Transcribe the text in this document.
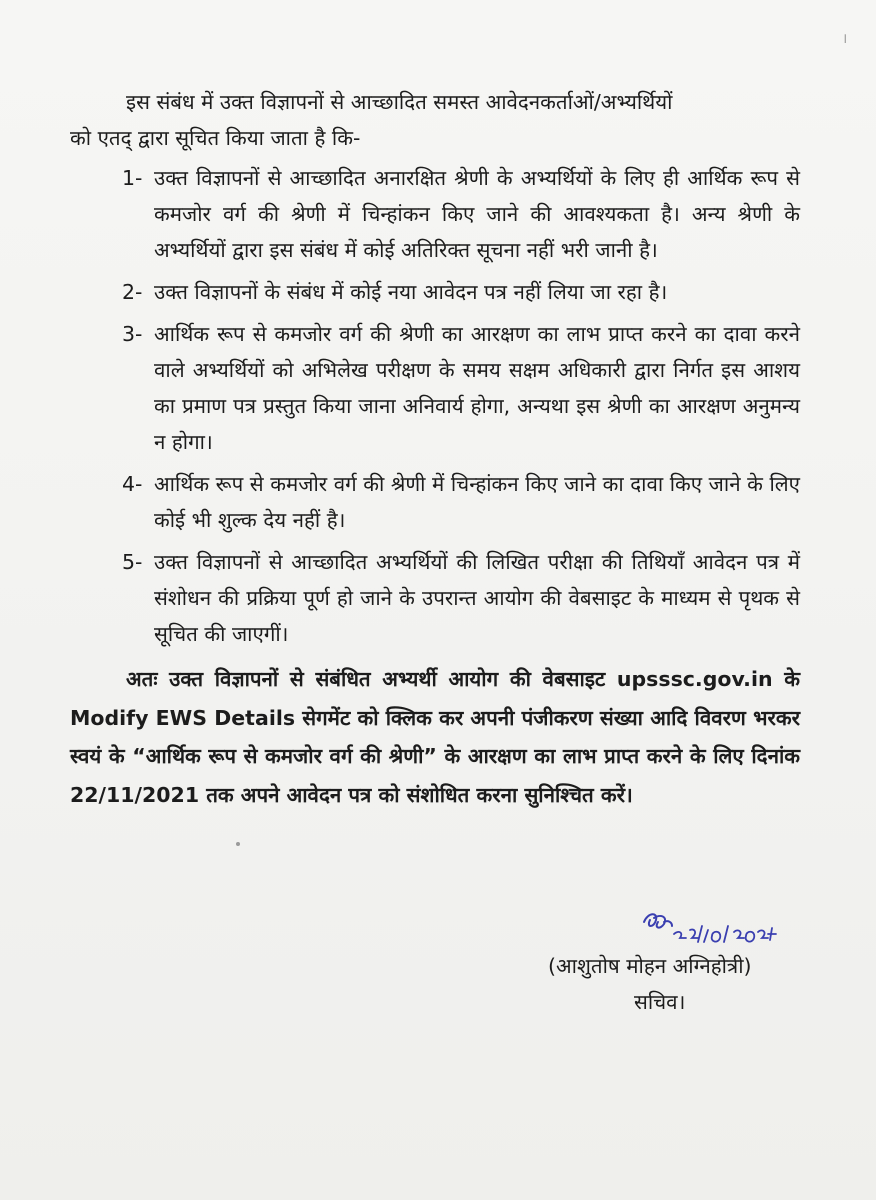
।
इस संबंध में उक्त विज्ञापनों से आच्छादित समस्त आवेदनकर्ताओं/अभ्यर्थियों
को एतद् द्वारा सूचित किया जाता है कि-
1- उक्त विज्ञापनों से आच्छादित अनारक्षित श्रेणी के अभ्यर्थियों के लिए ही आर्थिक रूप से कमजोर वर्ग की श्रेणी में चिन्हांकन किए जाने की आवश्यकता है। अन्य श्रेणी के अभ्यर्थियों द्वारा इस संबंध में कोई अतिरिक्त सूचना नहीं भरी जानी है।
2- उक्त विज्ञापनों के संबंध में कोई नया आवेदन पत्र नहीं लिया जा रहा है।
3- आर्थिक रूप से कमजोर वर्ग की श्रेणी का आरक्षण का लाभ प्राप्त करने का दावा करने वाले अभ्यर्थियों को अभिलेख परीक्षण के समय सक्षम अधिकारी द्वारा निर्गत इस आशय का प्रमाण पत्र प्रस्तुत किया जाना अनिवार्य होगा, अन्यथा इस श्रेणी का आरक्षण अनुमन्य न होगा।
4- आर्थिक रूप से कमजोर वर्ग की श्रेणी में चिन्हांकन किए जाने का दावा किए जाने के लिए कोई भी शुल्क देय नहीं है।
5- उक्त विज्ञापनों से आच्छादित अभ्यर्थियों की लिखित परीक्षा की तिथियाँ आवेदन पत्र में संशोधन की प्रक्रिया पूर्ण हो जाने के उपरान्त आयोग की वेबसाइट के माध्यम से पृथक से सूचित की जाएगीं।
अतः उक्त विज्ञापनों से संबंधित अभ्यर्थी आयोग की वेबसाइट upsssc.gov.in के Modify EWS Details सेगमेंट को क्लिक कर अपनी पंजीकरण संख्या आदि विवरण भरकर स्वयं के “आर्थिक रूप से कमजोर वर्ग की श्रेणी” के आरक्षण का लाभ प्राप्त करने के लिए दिनांक 22/11/2021 तक अपने आवेदन पत्र को संशोधित करना सुनिश्चित करें।
(आशुतोष मोहन अग्निहोत्री)
सचिव।
